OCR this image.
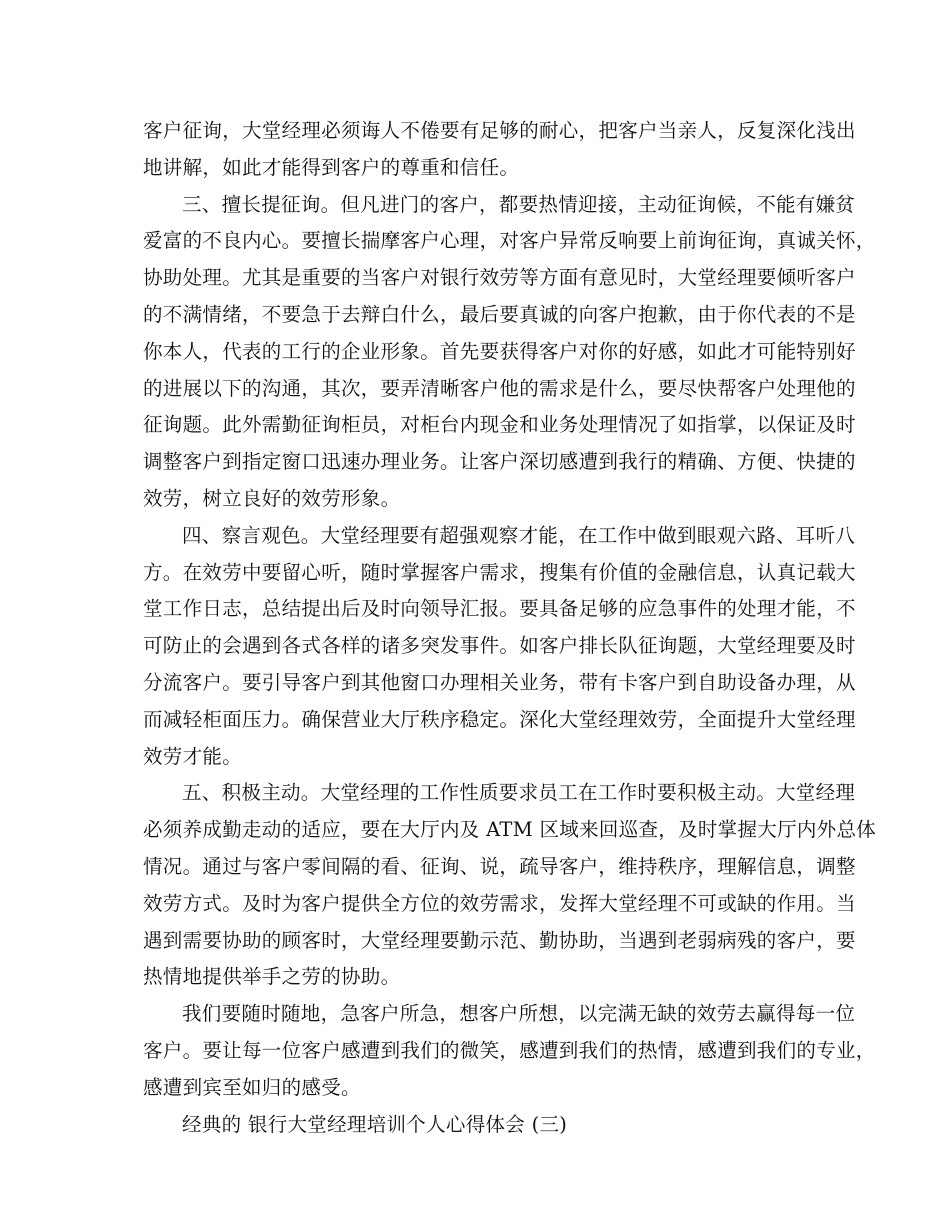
客户征询，大堂经理必须诲人不倦要有足够的耐心，把客户当亲人，反复深化浅出
地讲解，如此才能得到客户的尊重和信任。
三、擅长提征询。但凡进门的客户，都要热情迎接，主动征询候，不能有嫌贫
爱富的不良内心。要擅长揣摩客户心理，对客户异常反响要上前询征询，真诚关怀，
协助处理。尤其是重要的当客户对银行效劳等方面有意见时，大堂经理要倾听客户
的不满情绪，不要急于去辩白什么，最后要真诚的向客户抱歉，由于你代表的不是
你本人，代表的工行的企业形象。首先要获得客户对你的好感，如此才可能特别好
的进展以下的沟通，其次，要弄清晰客户他的需求是什么，要尽快帮客户处理他的
征询题。此外需勤征询柜员，对柜台内现金和业务处理情况了如指掌，以保证及时
调整客户到指定窗口迅速办理业务。让客户深切感遭到我行的精确、方便、快捷的
效劳，树立良好的效劳形象。
四、察言观色。大堂经理要有超强观察才能，在工作中做到眼观六路、耳听八
方。在效劳中要留心听，随时掌握客户需求，搜集有价值的金融信息，认真记载大
堂工作日志，总结提出后及时向领导汇报。要具备足够的应急事件的处理才能，不
可防止的会遇到各式各样的诸多突发事件。如客户排长队征询题，大堂经理要及时
分流客户。要引导客户到其他窗口办理相关业务，带有卡客户到自助设备办理，从
而减轻柜面压力。确保营业大厅秩序稳定。深化大堂经理效劳，全面提升大堂经理
效劳才能。
五、积极主动。大堂经理的工作性质要求员工在工作时要积极主动。大堂经理
必须养成勤走动的适应，要在大厅内及 ATM 区域来回巡查，及时掌握大厅内外总体
情况。通过与客户零间隔的看、征询、说，疏导客户，维持秩序，理解信息，调整
效劳方式。及时为客户提供全方位的效劳需求，发挥大堂经理不可或缺的作用。当
遇到需要协助的顾客时，大堂经理要勤示范、勤协助，当遇到老弱病残的客户，要
热情地提供举手之劳的协助。
我们要随时随地，急客户所急，想客户所想，以完满无缺的效劳去赢得每一位
客户。要让每一位客户感遭到我们的微笑，感遭到我们的热情，感遭到我们的专业，
感遭到宾至如归的感受。
经典的 银行大堂经理培训个人心得体会 (三)
